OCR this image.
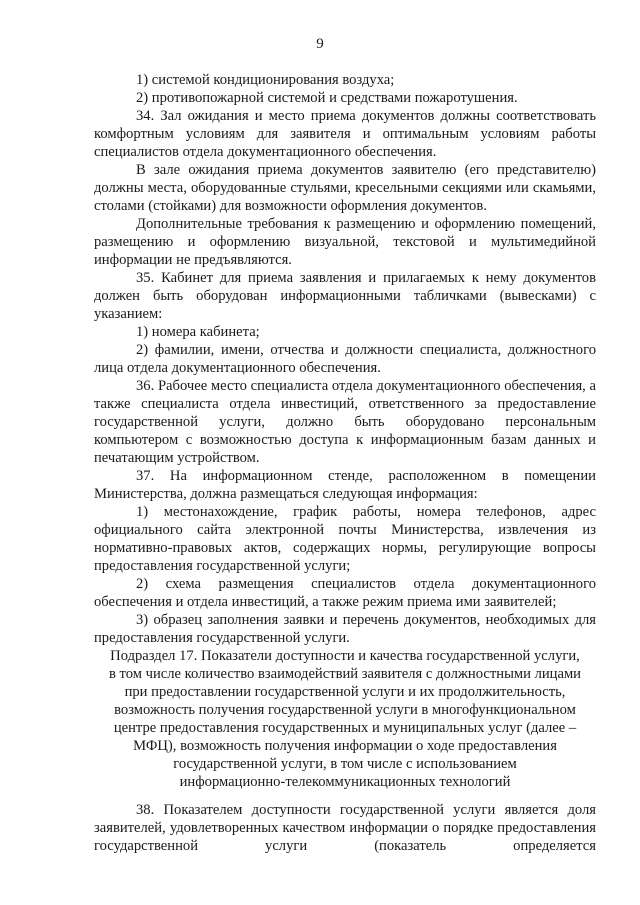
9

1) системой кондиционирования воздуха;

2) противопожарной системой и средствами пожаротушения.

34. Зал ожидания и место приема документов должны соответствовать комфортным условиям для заявителя и оптимальным условиям работы специалистов отдела документационного обеспечения.

В зале ожидания приема документов заявителю (его представителю) должны места, оборудованные стульями, кресельными секциями или скамьями, столами (стойками) для возможности оформления документов.

Дополнительные требования к размещению и оформлению помещений, размещению и оформлению визуальной, текстовой и мультимедийной информации не предъявляются.

35. Кабинет для приема заявления и прилагаемых к нему документов должен быть оборудован информационными табличками (вывесками) с указанием:

1) номера кабинета;

2) фамилии, имени, отчества и должности специалиста, должностного лица отдела документационного обеспечения.

36. Рабочее место специалиста отдела документационного обеспечения, а также специалиста отдела инвестиций, ответственного за предоставление государственной услуги, должно быть оборудовано персональным компьютером с возможностью доступа к информационным базам данных и печатающим устройством.

37. На информационном стенде, расположенном в помещении Министерства, должна размещаться следующая информация:

1) местонахождение, график работы, номера телефонов, адрес официального сайта электронной почты Министерства, извлечения из нормативно-правовых актов, содержащих нормы, регулирующие вопросы предоставления государственной услуги;

2) схема размещения специалистов отдела документационного обеспечения и отдела инвестиций, а также режим приема ими заявителей;

3) образец заполнения заявки и перечень документов, необходимых для предоставления государственной услуги.

Подраздел 17. Показатели доступности и качества государственной услуги,
в том числе количество взаимодействий заявителя с должностными лицами
при предоставлении государственной услуги и их продолжительность,
возможность получения государственной услуги в многофункциональном
центре предоставления государственных и муниципальных услуг (далее –
МФЦ), возможность получения информации о ходе предоставления
государственной услуги, в том числе с использованием
информационно-телекоммуникационных технологий

38. Показателем доступности государственной услуги является доля заявителей, удовлетворенных качеством информации о порядке предоставления государственной услуги (показатель определяется
